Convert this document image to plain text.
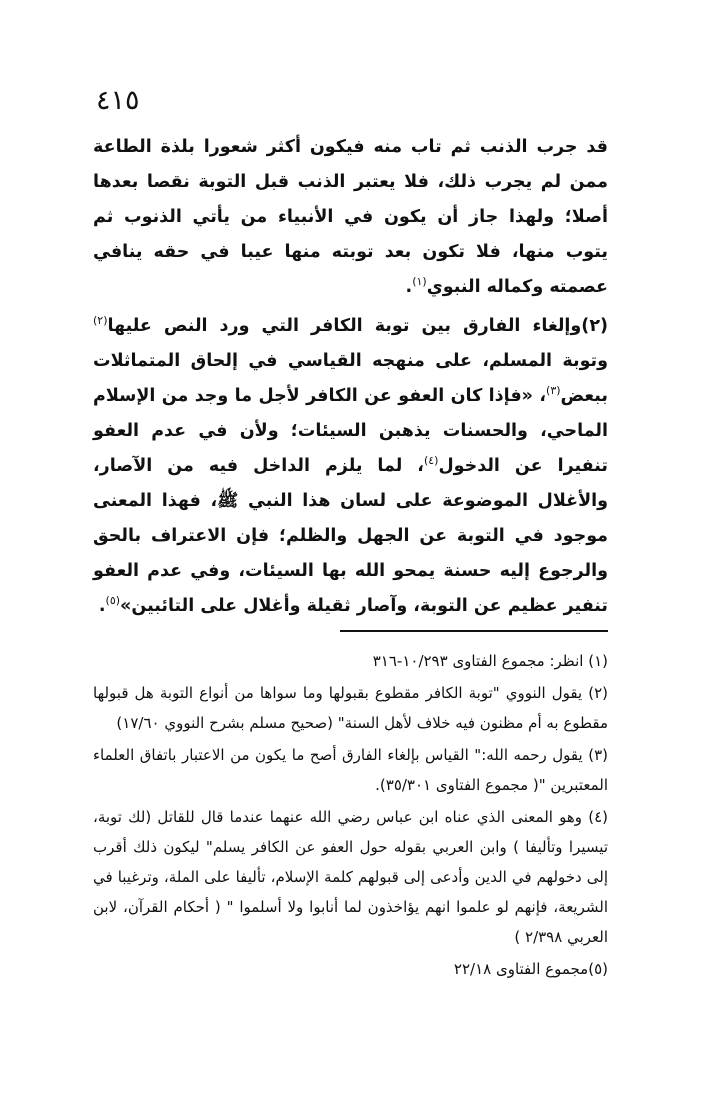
٤١٥

قد جرب الذنب ثم تاب منه فيكون أكثر شعورا بلذة الطاعة ممن لم يجرب ذلك، فلا يعتبر الذنب قبل التوبة نقصا بعدها أصلا؛ ولهذا جاز أن يكون في الأنبياء من يأتي الذنوب ثم يتوب منها، فلا تكون بعد توبته منها عيبا في حقه ينافي عصمته وكماله النبوي$^{(١)}$.

(٢)وإلغاء الفارق بين توبة الكافر التي ورد النص عليها$^{(٢)}$ وتوبة المسلم، على منهجه القياسي في إلحاق المتماثلات ببعض$^{(٣)}$، «فإذا كان العفو عن الكافر لأجل ما وجد من الإسلام الماحي، والحسنات يذهبن السيئات؛ ولأن في عدم العفو تنفيرا عن الدخول$^{(٤)}$، لما يلزم الداخل فيه من الآصار، والأغلال الموضوعة على لسان هذا النبي ﷺ، فهذا المعنى موجود في التوبة عن الجهل والظلم؛ فإن الاعتراف بالحق والرجوع إليه حسنة يمحو الله بها السيئات، وفي عدم العفو تنفير عظيم عن التوبة، وآصار ثقيلة وأغلال على التائبين»$^{(٥)}$.

(١) انظر: مجموع الفتاوى ١٠/٢٩٣-٣١٦

(٢) يقول النووي "توبة الكافر مقطوع بقبولها وما سواها من أنواع التوبة هل قبولها مقطوع به أم مظنون فيه خلاف لأهل السنة" (صحيح مسلم بشرح النووي ١٧/٦٠)

(٣) يقول رحمه الله:" القياس بإلغاء الفارق أصح ما يكون من الاعتبار باتفاق العلماء المعتبرين "( مجموع الفتاوى ٣٥/٣٠١).

(٤) وهو المعنى الذي عناه ابن عباس رضي الله عنهما عندما قال للقاتل (لك توبة، تيسيرا وتأليفا ) وابن العربي بقوله حول العفو عن الكافر يسلم" ليكون ذلك أقرب إلى دخولهم في الدين وأدعى إلى قبولهم كلمة الإسلام، تأليفا على الملة، وترغيبا في الشريعة، فإنهم لو علموا انهم يؤاخذون لما أنابوا ولا أسلموا " ( أحكام القرآن، لابن العربي ٢/٣٩٨ )

(٥)مجموع الفتاوى ٢٢/١٨
